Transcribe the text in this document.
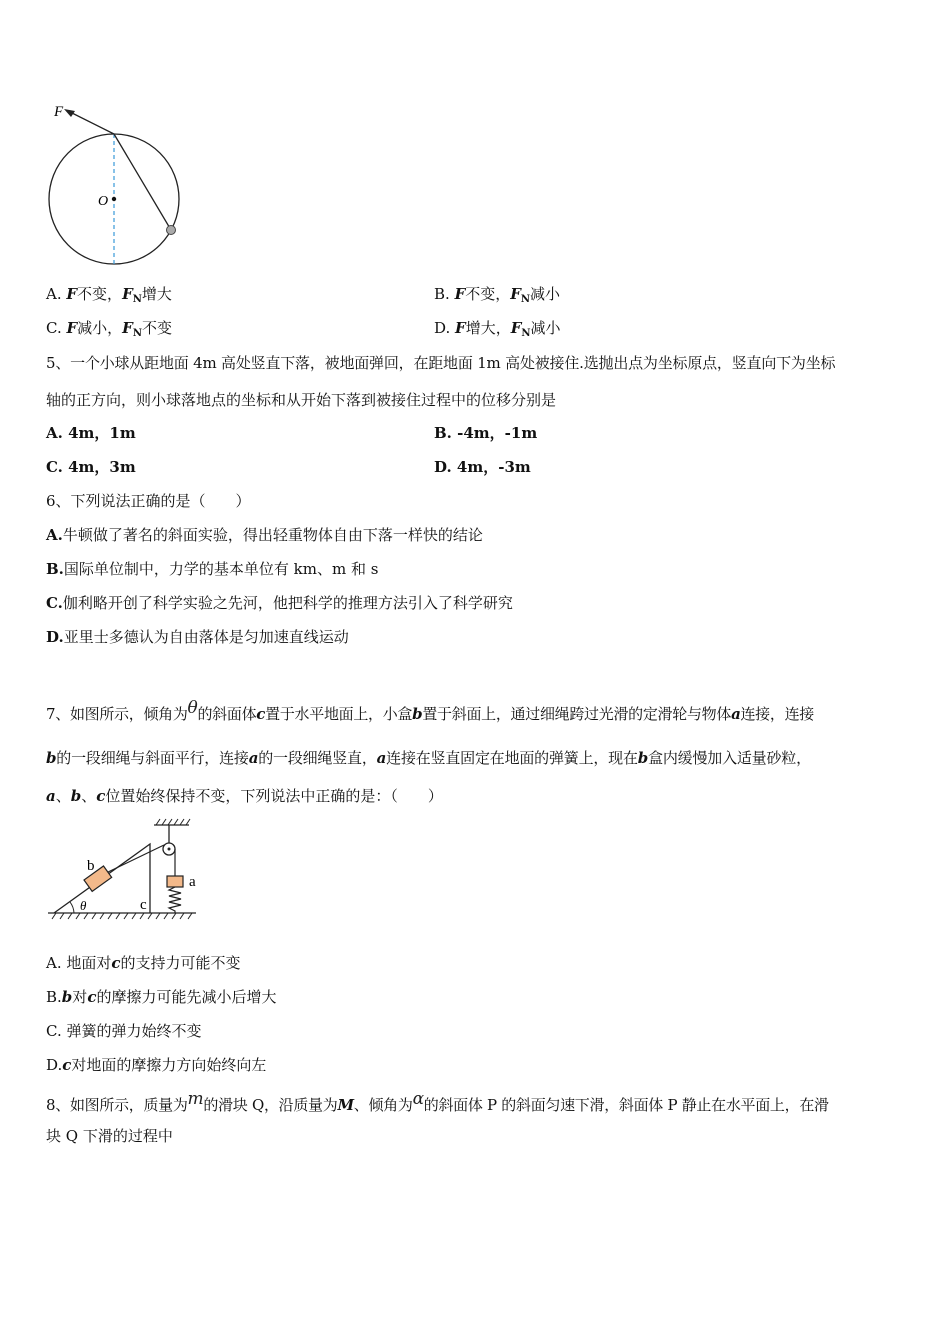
F
O
A. F不变，$F_N$增大	B. F不变，$F_N$减小
C. F减小，$F_N$不变	D. F增大，$F_N$减小
5、一个小球从距地面 4m 高处竖直下落，被地面弹回，在距地面 1m 高处被接住.选抛出点为坐标原点，竖直向下为坐标
轴的正方向，则小球落地点的坐标和从开始下落到被接住过程中的位移分别是
A. 4m，1m	B. -4m，-1m
C. 4m，3m	D. 4m，-3m
6、下列说法正确的是（　　）
A.牛顿做了著名的斜面实验，得出轻重物体自由下落一样快的结论
B.国际单位制中，力学的基本单位有 km、m 和 s
C.伽利略开创了科学实验之先河，他把科学的推理方法引入了科学研究
D.亚里士多德认为自由落体是匀加速直线运动
7、如图所示，倾角为θ的斜面体c置于水平地面上，小盒b置于斜面上，通过细绳跨过光滑的定滑轮与物体a连接，连接
b的一段细绳与斜面平行，连接a的一段细绳竖直，a连接在竖直固定在地面的弹簧上，现在b盒内缓慢加入适量砂粒，
a、b、c位置始终保持不变，下列说法中正确的是：（　　）
b
a
c
θ
A. 地面对c的支持力可能不变
B.b对c的摩擦力可能先减小后增大
C. 弹簧的弹力始终不变
D.c对地面的摩擦力方向始终向左
8、如图所示，质量为m的滑块 Q，沿质量为M、倾角为α的斜面体 P 的斜面匀速下滑，斜面体 P 静止在水平面上，在滑
块 Q 下滑的过程中
